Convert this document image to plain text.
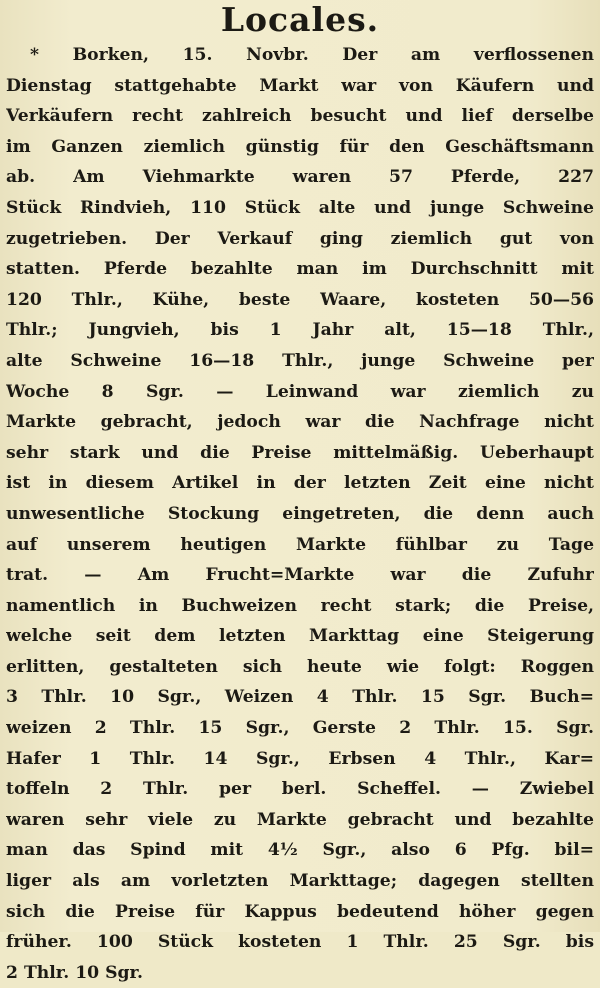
Locales.
* Borken, 15. Novbr. Der am verflossenen
Dienstag stattgehabte Markt war von Käufern und
Verkäufern recht zahlreich besucht und lief derselbe
im Ganzen ziemlich günstig für den Geschäftsmann
ab. Am Viehmarkte waren 57 Pferde, 227
Stück Rindvieh, 110 Stück alte und junge Schweine
zugetrieben. Der Verkauf ging ziemlich gut von
statten. Pferde bezahlte man im Durchschnitt mit
120 Thlr., Kühe, beste Waare, kosteten 50—56
Thlr.; Jungvieh, bis 1 Jahr alt, 15—18 Thlr.,
alte Schweine 16—18 Thlr., junge Schweine per
Woche 8 Sgr. — Leinwand war ziemlich zu
Markte gebracht, jedoch war die Nachfrage nicht
sehr stark und die Preise mittelmäßig. Ueberhaupt
ist in diesem Artikel in der letzten Zeit eine nicht
unwesentliche Stockung eingetreten, die denn auch
auf unserem heutigen Markte fühlbar zu Tage
trat. — Am Frucht=Markte war die Zufuhr
namentlich in Buchweizen recht stark; die Preise,
welche seit dem letzten Markttag eine Steigerung
erlitten, gestalteten sich heute wie folgt: Roggen
3 Thlr. 10 Sgr., Weizen 4 Thlr. 15 Sgr. Buch=
weizen 2 Thlr. 15 Sgr., Gerste 2 Thlr. 15. Sgr.
Hafer 1 Thlr. 14 Sgr., Erbsen 4 Thlr., Kar=
toffeln 2 Thlr. per berl. Scheffel. — Zwiebel
waren sehr viele zu Markte gebracht und bezahlte
man das Spind mit 4½ Sgr., also 6 Pfg. bil=
liger als am vorletzten Markttage; dagegen stellten
sich die Preise für Kappus bedeutend höher gegen
früher. 100 Stück kosteten 1 Thlr. 25 Sgr. bis
2 Thlr. 10 Sgr.
